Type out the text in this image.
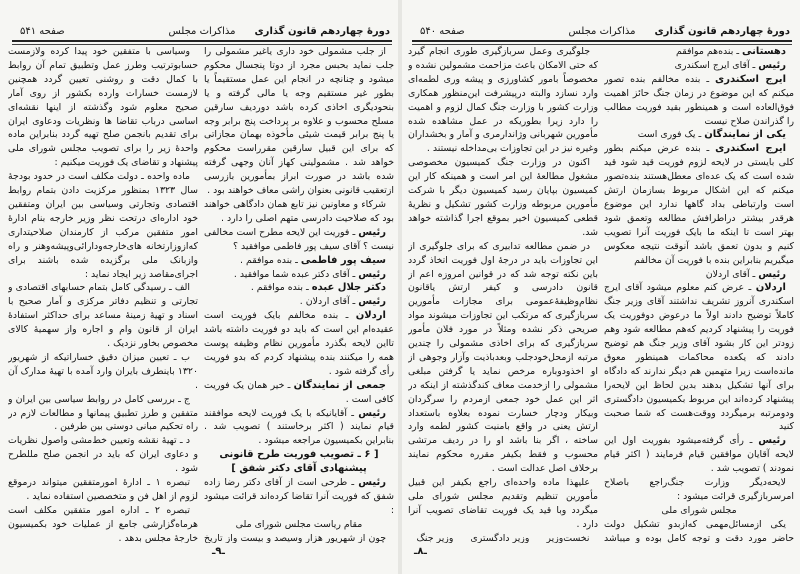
دورهٔ چهاردهم قانون گذاری
مذاکرات مجلس
صفحه ۵۴۱

از جلب مشمولی خود داری یاغیر مشمولی را جلب نماید بحبس مجرد از دوتا پنجسال محکوم میشود و چنانچه در انجام این عمل مستقیماً یا بطور غیر مستقیم وجه یا مالی گرفته و یا بنحودیگری اخاذی کرده باشد دوردیف سارقین مسلح محسوب و علاوه بر پرداخت پنج برابر وجه یا پنج برابر قیمت شیئی مأخوذه بهمان مجازاتی که برای این قبیل سارقین مقرراست محکوم خواهد شد . مشمولینی کهاز آنان وجهی گرفته شده باشد در صورت ابراز بمأمورین بازرسی ازتعقیب قانونی بعنوان راشی معاف خواهند بود .

شرکاء و معاونین نیز تابع همان دادگاهی خواهند بود که صلاحیت دادرسی متهم اصلی را دارد .

رئیس ـ فوریت این لایحه مطرح است مخالفی نیست ؟ آقای سیف پور فاطمی موافقید ؟

سیف پور فاطمی ـ بنده موافقم .

رئیس ـ آقای دکتر عبده شما موافقید .

دکتر جلال عبده ـ بنده موافقم .

رئیس ـ آقای اردلان .

اردلان ـ بنده مخالفم بایک فوریت است عقیده‌ام این است که باید دو فوریت داشته باشد تااین لایحه بگذرد مأمورین نظام وظیفه پوست همه را میکنند بنده پیشنهاد کردم که بدو فوریت رأی گرفته شود .

جمعی از نمایندگان ـ خیر همان یک فوریت کافی است .

رئیس ـ آقایانیکه با یک فوریت لایحه موافقند قیام نمایند ( اکثر برخاستند ) تصویب شد . بنابراین بکمیسیون مراجعه میشود .

[ ۶ ـ تصویب فوریت طرح قانونی

پیشنهادی آقای دکتر شفق ]

رئیس ـ طرحی است از آقای دکتر رضا زاده شفق که فوریت آنرا تقاضا کرده‌اند قرائت میشود :

مقام ریاست مجلس شورای ملی

چون از شهریور هزار وسیصد و بیست واز تاریخ

وسیاسی با متفقین خود پیدا کرده ولازمست حسابوترتیب وطرز عمل وتطبیق تمام آن روابط با کمال دقت و روشنی تعیین گردد همچنین لازمست خسارات وارده بکشور از روی آمار صحیح معلوم شود وگذشته از اینها نقشه‌ای اساسی درباب تقاضا ها ونظریات ودعاوی ایران برای تقدیم بانجمن صلح تهیه گردد بنابراین ماده واحدهٔ زیر را برای تصویب مجلس شورای ملی پیشنهاد و تقاضای یک فوریت میکنیم :

ماده واحده ـ دولت مکلف است در حدود بودجهٔ سال ۱۳۲۳ بمنظور مرکزیت دادن بتمام روابط اقتصادی وتجارتی وسیاسی بین ایران ومتفقین خود اداره‌ای درتحت نظر وزیر خارجه بنام ادارهٔ امور متفقین مرکب از کارمندان صلاحیتداری که‌ازوزارتخانه های‌خارجه‌ودارائی‌وپیشه‌وهنر و راه وازبانک ملی برگزیده شده باشند برای اجرای‌مقاصد زیر ایجاد نماید :

الف ـ رسیدگی کامل بتمام حسابهای اقتصادی و تجارتی و تنظیم دفاتر مرکزی و آمار صحیح با اسناد و تهیهٔ زمینهٔ مساعد برای حداکثر استفادهٔ ایران از قانون وام و اجاره واز سهمیهٔ کالای مخصوص بخاور نزدیک .

ب ـ تعیین میزان دقیق خساراتیکه از شهریور ۱۳۲۰ باینطرف بایران وارد آمده با تهیهٔ مدارک آن .

ج ـ بررسی کامل در روابط سیاسی بین ایران و متفقین و طرز تطبیق پیمانها و مطالعات لازم در راه تحکیم مبانی دوستی بین طرفین .

د ـ تهیهٔ نقشه وتعیین خط‌مشی واصول نظریات و دعاوی ایران که باید در انجمن صلح مللطرح شود .

تبصره ۱ ـ ادارهٔ امورمتفقین میتواند درموقع لزوم از اهل فن و متخصصین استفاده نماید .

تبصره ۲ ـ اداره امور متفقین مکلف است هرماه‌گزارشی جامع از عملیات خود بکمیسیون خارجهٔ مجلس بدهد .

ـ۹ـ
دورهٔ چهاردهم قانون گذاری
مذاکرات مجلس
صفحه ۵۴۰

دهستانی ـ بنده‌هم موافقم

رئیس ـ آقای ایرج اسکندری

ایرج اسکندری ـ بنده مخالفم بنده تصور میکنم که این موضوع در زمان جنگ حائز اهمیت فوق‌العاده است و همینطور بقید فوریت مطالب را گذراندن صلاح نیست

یکی از نمایندگان ـ یک فوری است

ایرج اسکندری ـ بنده عرض میکنم بطور کلی بایستی در لایحه لزوم فوریت قید شود قید شده است که یک عده‌ای معطل‌هستند بنده‌تصور میکنم که این اشکال مربوط بسازمان ارتش است وارتباطی بداد گاهها ندارد این موضوع هرقدر بیشتر دراطرافش مطالعه وتعمق شود بهتر است تا اینکه ما بایک فوریت آنرا تصویب کنیم و بدون تعمق باشد آنوقت نتیجه معکوس میگیریم بنابراین بنده با فوریت آن مخالفم

رئیس ـ آقای اردلان

اردلان ـ عرض کنم معلوم میشود آقای ایرج اسکندری آنروز تشریف نداشتند آقای وزیر جنگ کاملاً توضیح دادند اولاً ما درعوض دوفوریت یک فوریت را پیشنهاد کردیم که‌هم مطالعه شود وهم زودتر این کار بشود آقای وزیر جنگ هم توضیح دادند که یکعده محاکمات همینطور معوق مانده‌است زیرا متهمین هم دیگر ندارند که دادگاه برای آنها تشکیل بدهند بدین لحاظ این لایحه‌را پیشنهاد کرده‌اند این مربوط بکمیسیون دادگستری ودومرتبه برمیگردد ووقت‌هست که شما صحبت کنید

رئیس ـ رأی گرفته‌میشود بفوریت اول این لایحه آقایان موافقین قیام فرمایند ( اکثر قیام نمودند ) تصویب شد .

لایحه‌دیگر وزارت جنگ‌راجع باصلاح امرسربازگیری قرائت میشود :

مجلس شورای ملی

یکی ازمسائل‌مهمی که‌ازبدو تشکیل دولت حاضر مورد دقت و توجه کامل بوده و میباشد

جلوگیری وعمل سربازگیری طوری انجام گیرد که حتی الامکان باعث مزاحمت مشمولین نشده و مخصوصاً بامور کشاورزی و پیشه وری لطمه‌ای وارد نسازد والبته درپیشرفت این‌منظور همکاری وزارت کشور با وزارت جنگ کمال لزوم و اهمیت را دارد زیرا بطوریکه در عمل مشاهده شده مأمورین شهربانی وژاندارمری و آمار و بخشداران وغیره نیز در این تجاوزات بی‌مداخله نیستند .

اکنون در وزارت جنگ کمیسیون مخصوصی مشغول مطالعهٔ این امر است و همینکه کار این کمیسیون بپایان رسید کمیسیون دیگر با شرکت مأمورین مربوطه وزارت کشور تشکیل و نظریهٔ قطعی کمیسیون اخیر بموقع اجرا گذاشته خواهد شد.

در ضمن مطالعه تدابیری که برای جلوگیری از این تجاوزات باید در درجهٔ اول فوریت اتخاذ گردد باین نکته توجه شد که در قوانین امروزه اعم از قانون دادرسی و کیفر ارتش یاقانون نظام‌وظیفهٔ‌عمومی برای مجازات مأمورین سربازگیری که مرتکب این تجاوزات میشوند مواد صریحی ذکر نشده ومثلاً در مورد فلان مأمور سربازگیری که برای اخاذی مشمولی را چندین مرتبه ازمحل‌خودجلب وبعدباذیت وآزار وجوهی از او اخذودوباره مرخص نماید یا گرفتن مبلغی مشمولی را ازخدمت معاف کندگذشته از اینکه در اثر این عمل خود جمعی ازمردم را سرگردان وبیکار ودچار خسارت نموده بعلاوه باستعداد ارتش یعنی در واقع بامنیت کشور لطمه وارد ساخته ، اگر بنا باشد او را در ردیف مرتشی محسوب و فقط بکیفر مقرره محکوم نمایند برخلاف اصل عدالت است .

علیهذا ماده واحده‌ای راجع بکیفر این قبیل مأمورین تنظیم وتقدیم مجلس شورای ملی میگردد وبا قید یک فوریت تقاضای تصویب آنرا دارد .

نخست‌وزیر
وزیر دادگستری
وزیر جنگ

ـ۸ـ
